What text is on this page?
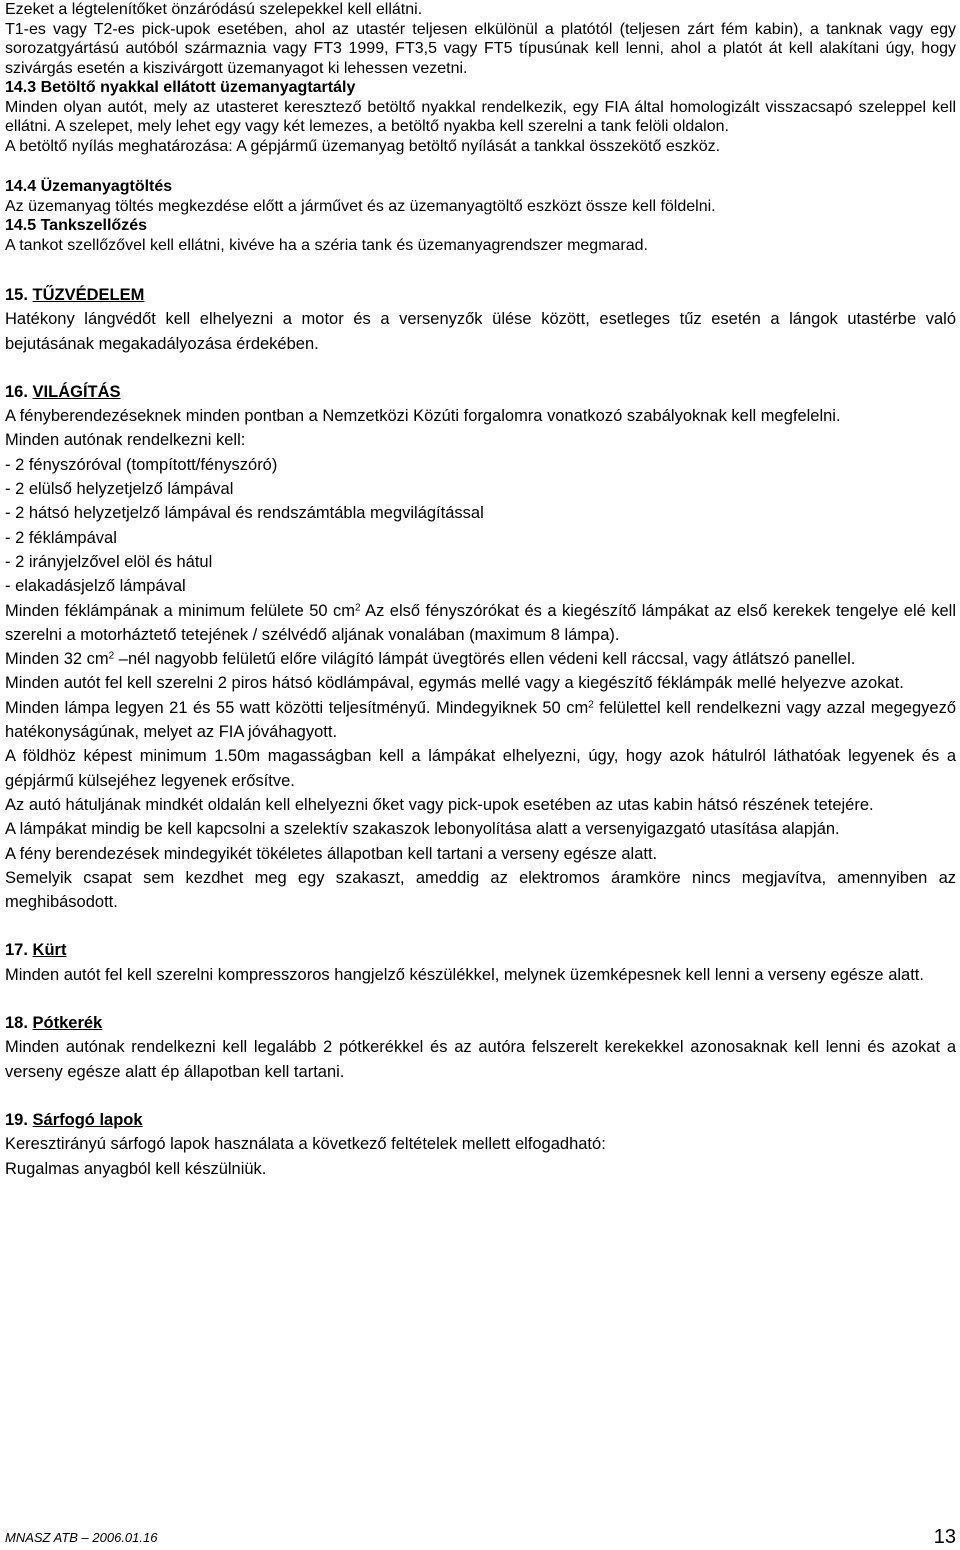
Ezeket a légtelenítőket önzáródású szelepekkel kell ellátni.

T1-es vagy T2-es pick-upok esetében, ahol az utastér teljesen elkülönül a platótól (teljesen zárt fém kabin), a tanknak vagy egy sorozatgyártású autóból származnia vagy FT3 1999, FT3,5 vagy FT5 típusúnak kell lenni, ahol a platót át kell alakítani úgy, hogy szivárgás esetén a kiszivárgott üzemanyagot ki lehessen vezetni.

14.3 Betöltő nyakkal ellátott üzemanyagtartály

Minden olyan autót, mely az utasteret keresztező betöltő nyakkal rendelkezik, egy FIA által homologizált visszacsapó szeleppel kell ellátni. A szelepet, mely lehet egy vagy két lemezes, a betöltő nyakba kell szerelni a tank felöli oldalon.

A betöltő nyílás meghatározása: A gépjármű üzemanyag betöltő nyílását a tankkal összekötő eszköz.

14.4 Üzemanyagtöltés

Az üzemanyag töltés megkezdése előtt a járművet és az üzemanyagtöltő eszközt össze kell földelni.

14.5 Tankszellőzés

A tankot szellőzővel kell ellátni, kivéve ha a széria tank és üzemanyagrendszer megmarad.

15. TŰZVÉDELEM

Hatékony lángvédőt kell elhelyezni a motor és a versenyzők ülése között, esetleges tűz esetén a lángok utastérbe való bejutásának megakadályozása érdekében.

16. VILÁGÍTÁS

A fényberendezéseknek minden pontban a Nemzetközi Közúti forgalomra vonatkozó szabályoknak kell megfelelni.

Minden autónak rendelkezni kell:

- 2 fényszóróval (tompított/fényszóró)

- 2 elülső helyzetjelző lámpával

- 2 hátsó helyzetjelző lámpával és rendszámtábla megvilágítással

- 2 féklámpával

- 2 irányjelzővel elöl és hátul

- elakadásjelző lámpával

Minden féklámpának a minimum felülete 50 $cm^2$ Az első fényszórókat és a kiegészítő lámpákat az első kerekek tengelye elé kell szerelni a motorháztető tetejének / szélvédő aljának vonalában (maximum 8 lámpa).

Minden 32 $cm^2$ –nél nagyobb felületű előre világító lámpát üvegtörés ellen védeni kell ráccsal, vagy átlátszó panellel.

Minden autót fel kell szerelni 2 piros hátsó ködlámpával, egymás mellé vagy a kiegészítő féklámpák mellé helyezve azokat.

Minden lámpa legyen 21 és 55 watt közötti teljesítményű. Mindegyiknek 50 $cm^2$ felülettel kell rendelkezni vagy azzal megegyező hatékonyságúnak, melyet az FIA jóváhagyott.

A földhöz képest minimum 1.50m magasságban kell a lámpákat elhelyezni, úgy, hogy azok hátulról láthatóak legyenek és a gépjármű külsejéhez legyenek erősítve.

Az autó hátuljának mindkét oldalán kell elhelyezni őket vagy pick-upok esetében az utas kabin hátsó részének tetejére.

A lámpákat mindig be kell kapcsolni a szelektív szakaszok lebonyolítása alatt a versenyigazgató utasítása alapján.

A fény berendezések mindegyikét tökéletes állapotban kell tartani a verseny egésze alatt.

Semelyik csapat sem kezdhet meg egy szakaszt, ameddig az elektromos áramköre nincs megjavítva, amennyiben az meghibásodott.

17. Kürt

Minden autót fel kell szerelni kompresszoros hangjelző készülékkel, melynek üzemképesnek kell lenni a verseny egésze alatt.

18. Pótkerék

Minden autónak rendelkezni kell legalább 2 pótkerékkel és az autóra felszerelt kerekekkel azonosaknak kell lenni és azokat a verseny egésze alatt ép állapotban kell tartani.

19. Sárfogó lapok

Keresztirányú sárfogó lapok használata a következő feltételek mellett elfogadható:

Rugalmas anyagból kell készülniük.

MNASZ ATB – 2006.01.16	13
